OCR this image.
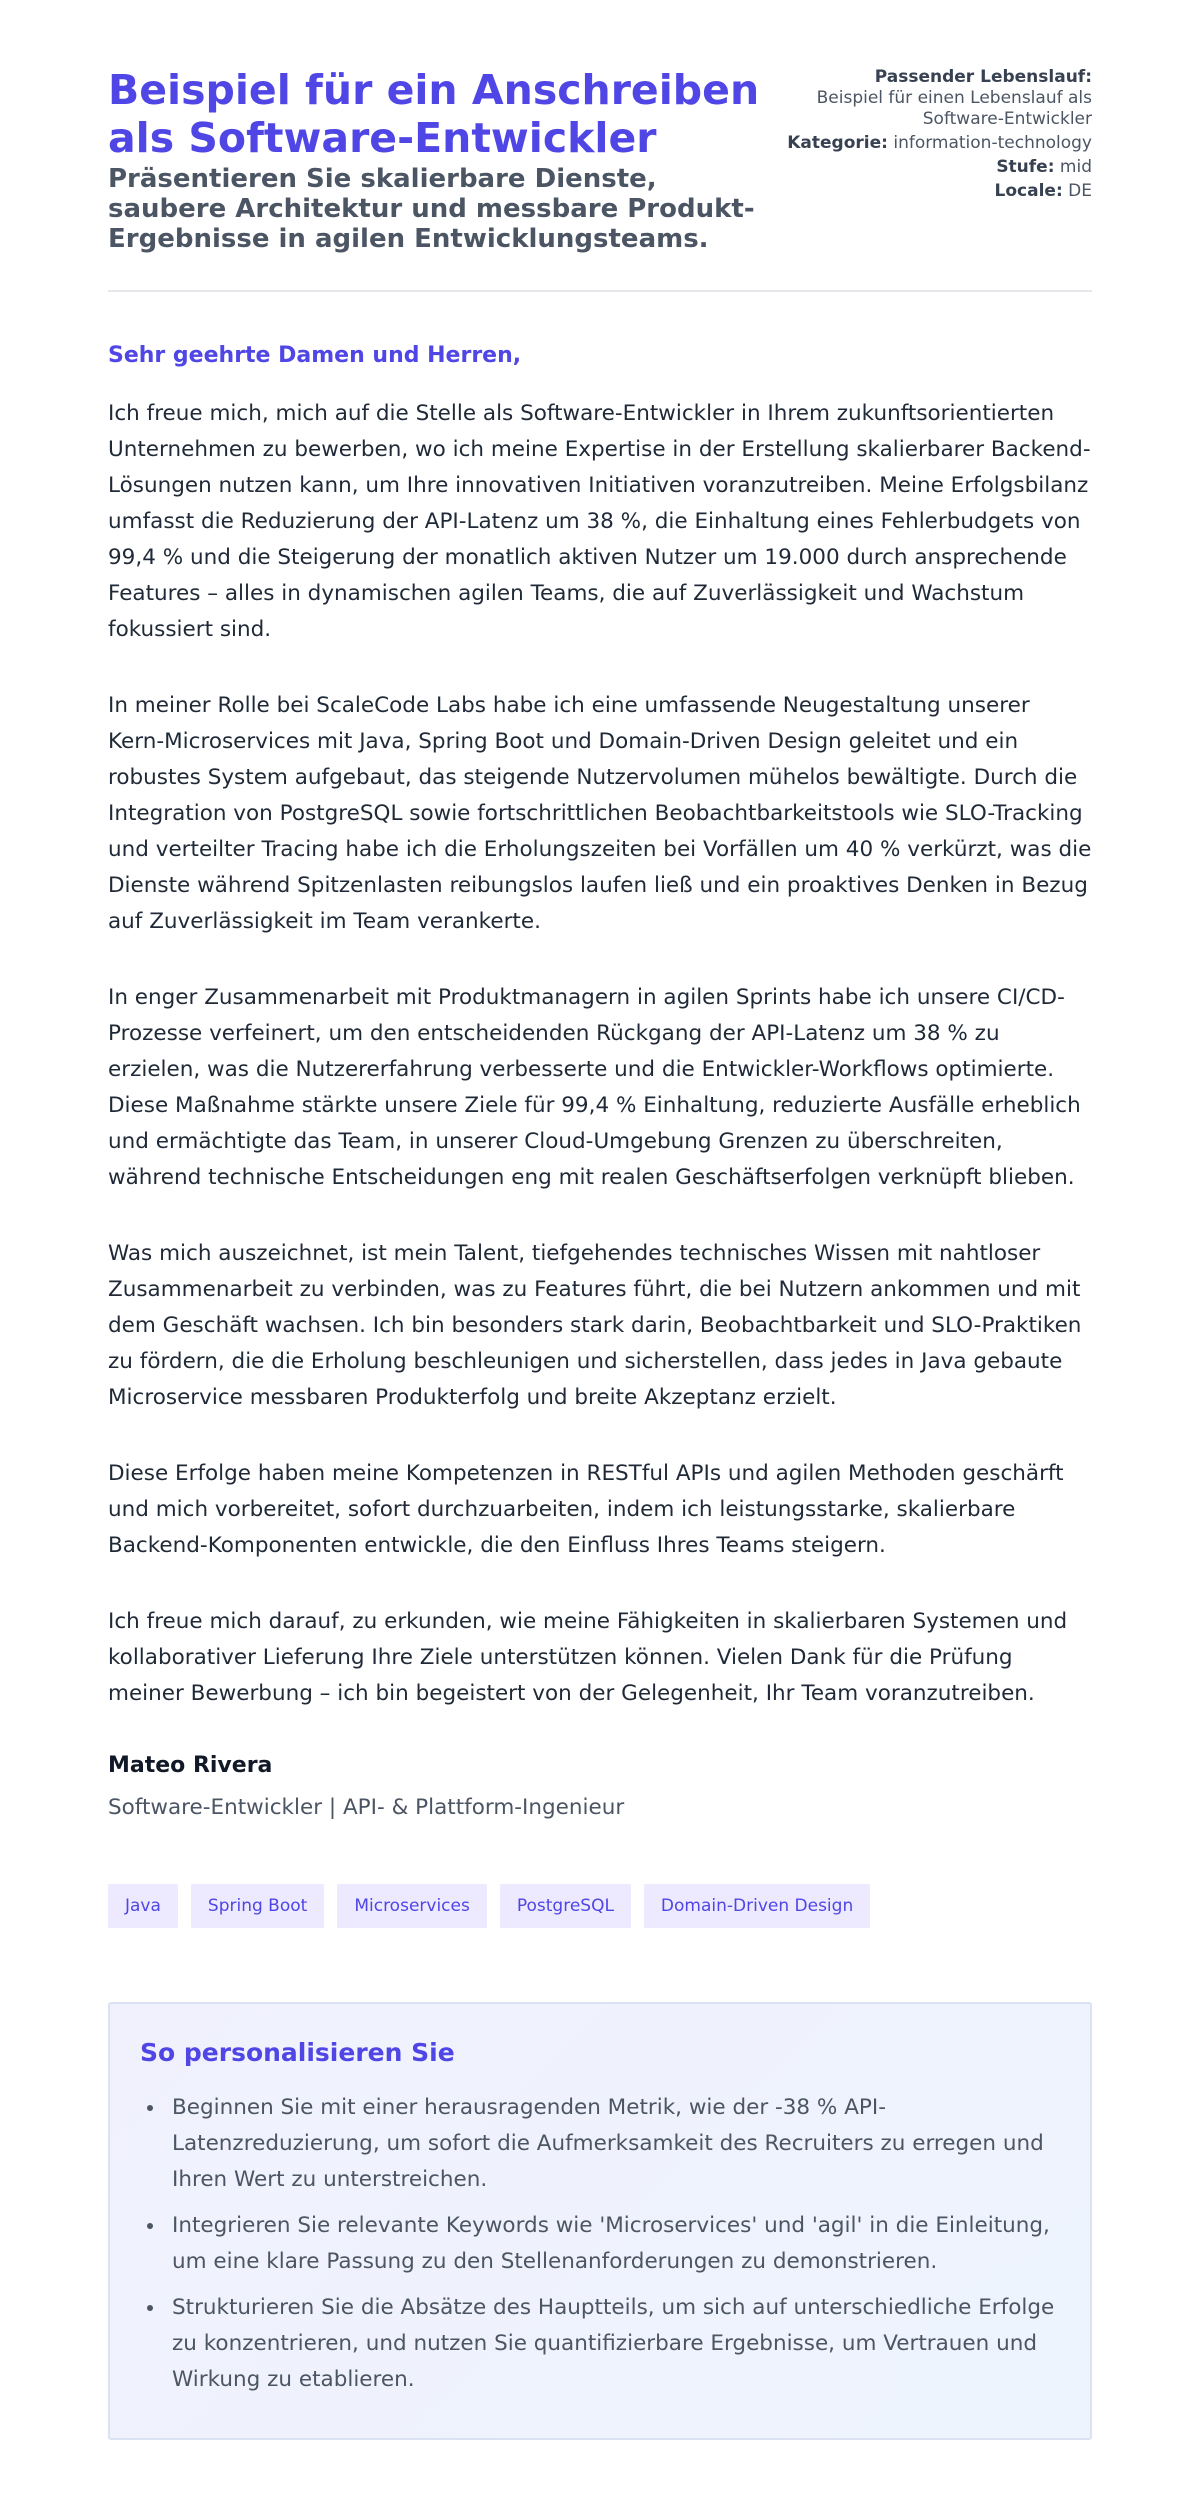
Beispiel für ein Anschreiben als Software-Entwickler
Präsentieren Sie skalierbare Dienste, saubere Architektur und messbare Produkt-Ergebnisse in agilen Entwicklungsteams.
Passender Lebenslauf:
Beispiel für einen Lebenslauf als Software-Entwickler
Kategorie: information-technology
Stufe: mid
Locale: DE
Sehr geehrte Damen und Herren,

Ich freue mich, mich auf die Stelle als Software-Entwickler in Ihrem zukunftsorientierten Unternehmen zu bewerben, wo ich meine Expertise in der Erstellung skalierbarer Backend-Lösungen nutzen kann, um Ihre innovativen Initiativen voranzutreiben. Meine Erfolgsbilanz umfasst die Reduzierung der API-Latenz um 38 %, die Einhaltung eines Fehlerbudgets von 99,4 % und die Steigerung der monatlich aktiven Nutzer um 19.000 durch ansprechende Features – alles in dynamischen agilen Teams, die auf Zuverlässigkeit und Wachstum fokussiert sind.

In meiner Rolle bei ScaleCode Labs habe ich eine umfassende Neugestaltung unserer Kern-Microservices mit Java, Spring Boot und Domain-Driven Design geleitet und ein robustes System aufgebaut, das steigende Nutzervolumen mühelos bewältigte. Durch die Integration von PostgreSQL sowie fortschrittlichen Beobachtbarkeitstools wie SLO-Tracking und verteilter Tracing habe ich die Erholungszeiten bei Vorfällen um 40 % verkürzt, was die Dienste während Spitzenlasten reibungslos laufen ließ und ein proaktives Denken in Bezug auf Zuverlässigkeit im Team verankerte.

In enger Zusammenarbeit mit Produktmanagern in agilen Sprints habe ich unsere CI/CD-Prozesse verfeinert, um den entscheidenden Rückgang der API-Latenz um 38 % zu erzielen, was die Nutzererfahrung verbesserte und die Entwickler-Workflows optimierte. Diese Maßnahme stärkte unsere Ziele für 99,4 % Einhaltung, reduzierte Ausfälle erheblich und ermächtigte das Team, in unserer Cloud-Umgebung Grenzen zu überschreiten, während technische Entscheidungen eng mit realen Geschäftserfolgen verknüpft blieben.

Was mich auszeichnet, ist mein Talent, tiefgehendes technisches Wissen mit nahtloser Zusammenarbeit zu verbinden, was zu Features führt, die bei Nutzern ankommen und mit dem Geschäft wachsen. Ich bin besonders stark darin, Beobachtbarkeit und SLO-Praktiken zu fördern, die die Erholung beschleunigen und sicherstellen, dass jedes in Java gebaute Microservice messbaren Produkterfolg und breite Akzeptanz erzielt.

Diese Erfolge haben meine Kompetenzen in RESTful APIs und agilen Methoden geschärft und mich vorbereitet, sofort durchzuarbeiten, indem ich leistungsstarke, skalierbare Backend-Komponenten entwickle, die den Einfluss Ihres Teams steigern.

Ich freue mich darauf, zu erkunden, wie meine Fähigkeiten in skalierbaren Systemen und kollaborativer Lieferung Ihre Ziele unterstützen können. Vielen Dank für die Prüfung meiner Bewerbung – ich bin begeistert von der Gelegenheit, Ihr Team voranzutreiben.

Mateo Rivera
Software-Entwickler | API- & Plattform-Ingenieur
Java	Spring Boot	Microservices	PostgreSQL	Domain-Driven Design
So personalisieren Sie
• Beginnen Sie mit einer herausragenden Metrik, wie der -38 % API-Latenzreduzierung, um sofort die Aufmerksamkeit des Recruiters zu erregen und Ihren Wert zu unterstreichen.
• Integrieren Sie relevante Keywords wie 'Microservices' und 'agil' in die Einleitung, um eine klare Passung zu den Stellenanforderungen zu demonstrieren.
• Strukturieren Sie die Absätze des Hauptteils, um sich auf unterschiedliche Erfolge zu konzentrieren, und nutzen Sie quantifizierbare Ergebnisse, um Vertrauen und Wirkung zu etablieren.
